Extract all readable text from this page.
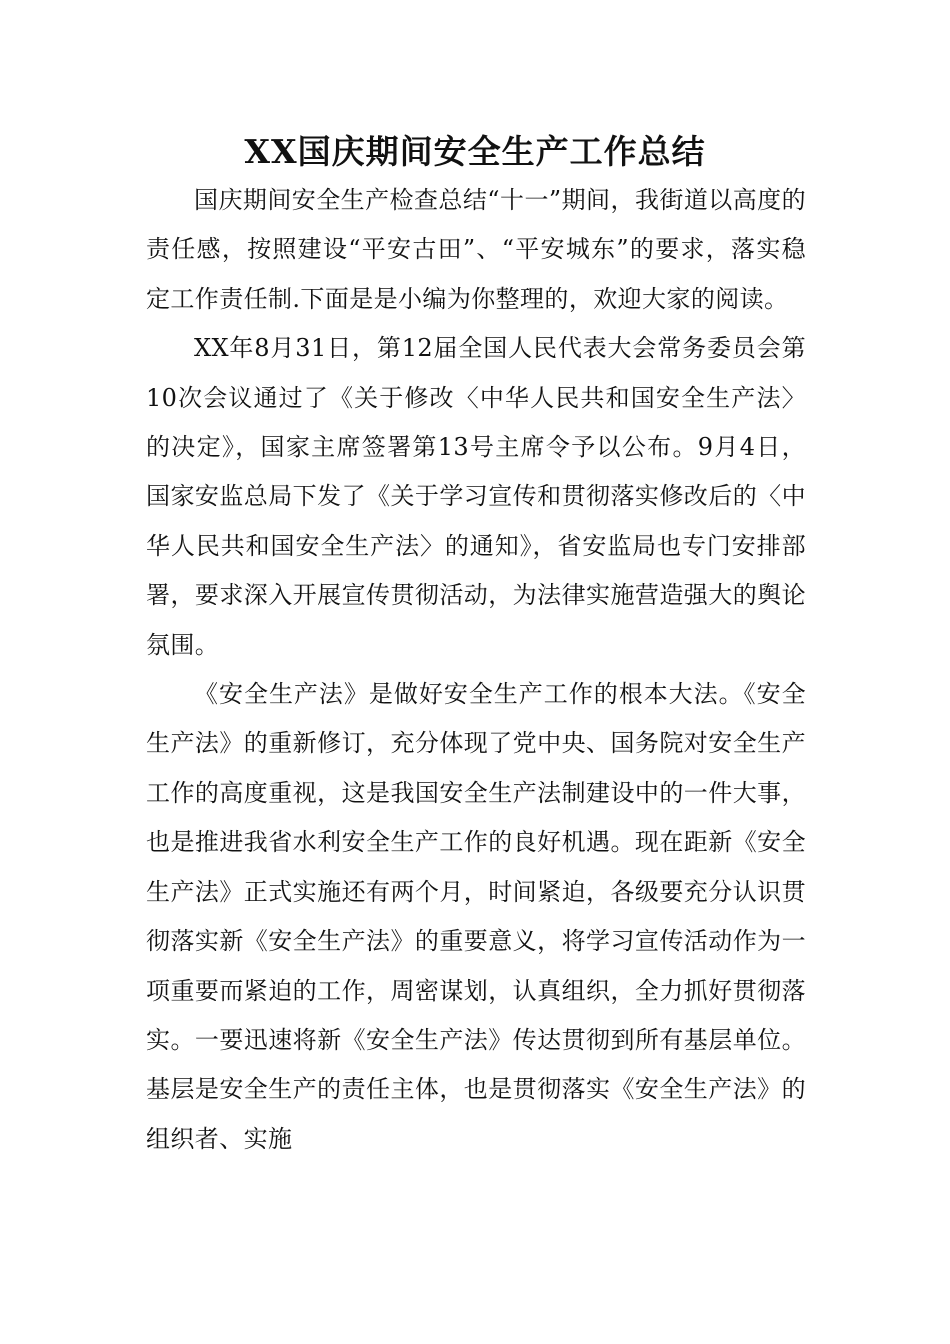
XX国庆期间安全生产工作总结

国庆期间安全生产检查总结“十一”期间，我街道以高度的责任感，按照建设“平安古田”、“平安城东”的要求，落实稳定工作责任制.下面是是小编为你整理的，欢迎大家的阅读。

XX年8月31日，第12届全国人民代表大会常务委员会第10次会议通过了《关于修改〈中华人民共和国安全生产法〉的决定》，国家主席签署第13号主席令予以公布。9月4日，国家安监总局下发了《关于学习宣传和贯彻落实修改后的〈中华人民共和国安全生产法〉的通知》，省安监局也专门安排部署，要求深入开展宣传贯彻活动，为法律实施营造强大的舆论氛围。

《安全生产法》是做好安全生产工作的根本大法。《安全生产法》的重新修订，充分体现了党中央、国务院对安全生产工作的高度重视，这是我国安全生产法制建设中的一件大事，也是推进我省水利安全生产工作的良好机遇。现在距新《安全生产法》正式实施还有两个月，时间紧迫，各级要充分认识贯彻落实新《安全生产法》的重要意义，将学习宣传活动作为一项重要而紧迫的工作，周密谋划，认真组织，全力抓好贯彻落实。一要迅速将新《安全生产法》传达贯彻到所有基层单位。基层是安全生产的责任主体，也是贯彻落实《安全生产法》的组织者、实施
